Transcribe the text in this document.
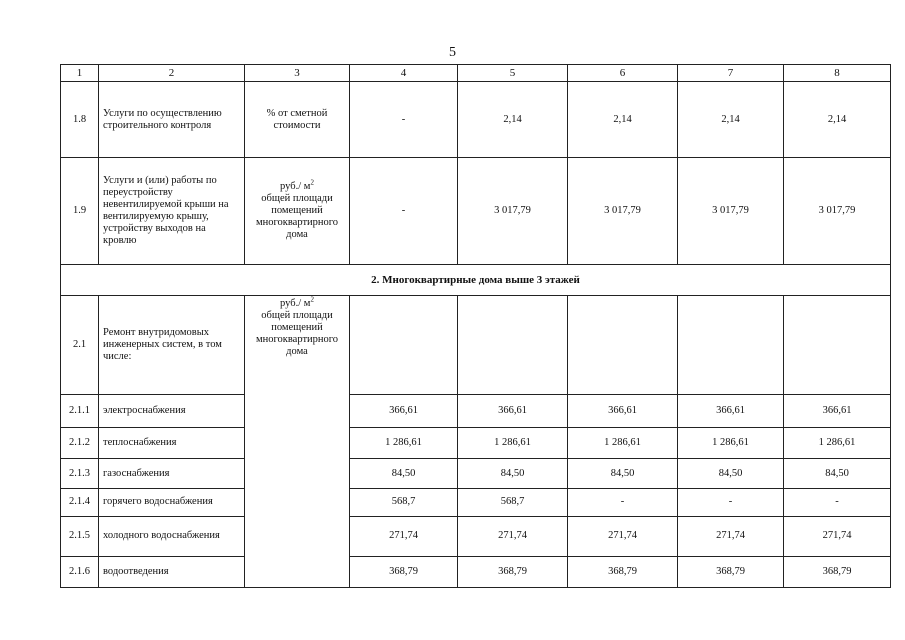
5
1	2	3	4	5	6	7	8
1.8	Услуги по осуществлению строительного контроля	% от сметной стоимости	-	2,14	2,14	2,14	2,14
1.9	Услуги и (или) работы по переустройству невентилируемой крыши на вентилируемую крышу, устройству выходов на кровлю	руб./ $м^2$
общей площади помещений многоквартирного дома	-	3 017,79	3 017,79	3 017,79	3 017,79
2. Многоквартирные дома выше 3 этажей							
2.1	Ремонт внутридомовых инженерных систем, в том числе:	руб./ $м^2$
общей площади помещений многоквартирного дома					
2.1.1	электроснабжения		366,61	366,61	366,61	366,61	366,61
2.1.2	теплоснабжения		1 286,61	1 286,61	1 286,61	1 286,61	1 286,61
2.1.3	газоснабжения		84,50	84,50	84,50	84,50	84,50
2.1.4	горячего водоснабжения		568,7	568,7	-	-	-
2.1.5	холодного водоснабжения		271,74	271,74	271,74	271,74	271,74
2.1.6	водоотведения		368,79	368,79	368,79	368,79	368,79
